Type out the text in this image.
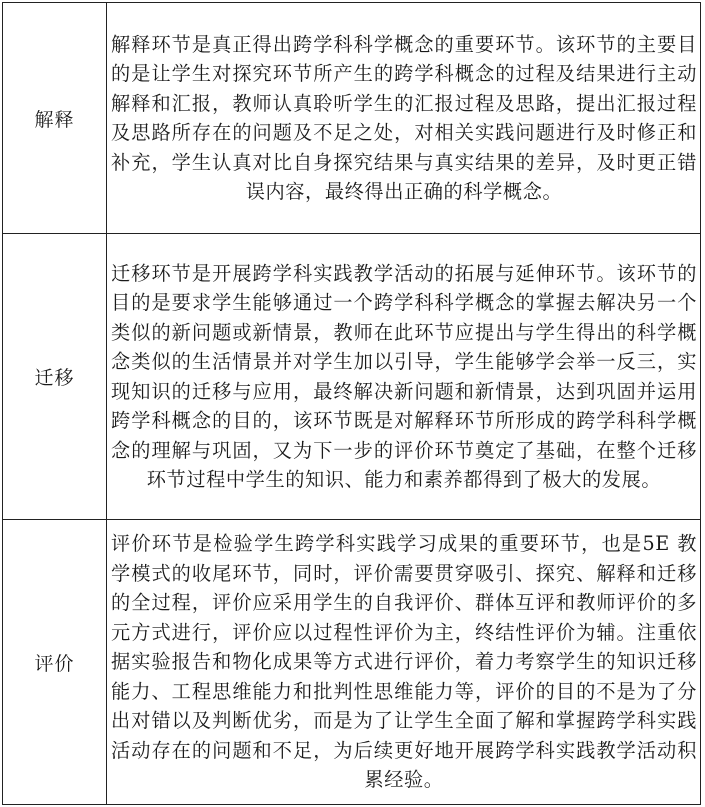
解释	解释环节是真正得出跨学科科学概念的重要环节。该环节的主要目的是让学生对探究环节所产生的跨学科概念的过程及结果进行主动解释和汇报，教师认真聆听学生的汇报过程及思路，提出汇报过程及思路所存在的问题及不足之处，对相关实践问题进行及时修正和补充，学生认真对比自身探究结果与真实结果的差异，及时更正错误内容，最终得出正确的科学概念。

迁移	迁移环节是开展跨学科实践教学活动的拓展与延伸环节。该环节的目的是要求学生能够通过一个跨学科科学概念的掌握去解决另一个类似的新问题或新情景，教师在此环节应提出与学生得出的科学概念类似的生活情景并对学生加以引导，学生能够学会举一反三，实现知识的迁移与应用，最终解决新问题和新情景，达到巩固并运用跨学科概念的目的，该环节既是对解释环节所形成的跨学科科学概念的理解与巩固，又为下一步的评价环节奠定了基础，在整个迁移环节过程中学生的知识、能力和素养都得到了极大的发展。

评价	评价环节是检验学生跨学科实践学习成果的重要环节，也是5E 教学模式的收尾环节，同时，评价需要贯穿吸引、探究、解释和迁移的全过程，评价应采用学生的自我评价、群体互评和教师评价的多元方式进行，评价应以过程性评价为主，终结性评价为辅。注重依据实验报告和物化成果等方式进行评价，着力考察学生的知识迁移能力、工程思维能力和批判性思维能力等，评价的目的不是为了分出对错以及判断优劣，而是为了让学生全面了解和掌握跨学科实践活动存在的问题和不足，为后续更好地开展跨学科实践教学活动积累经验。
